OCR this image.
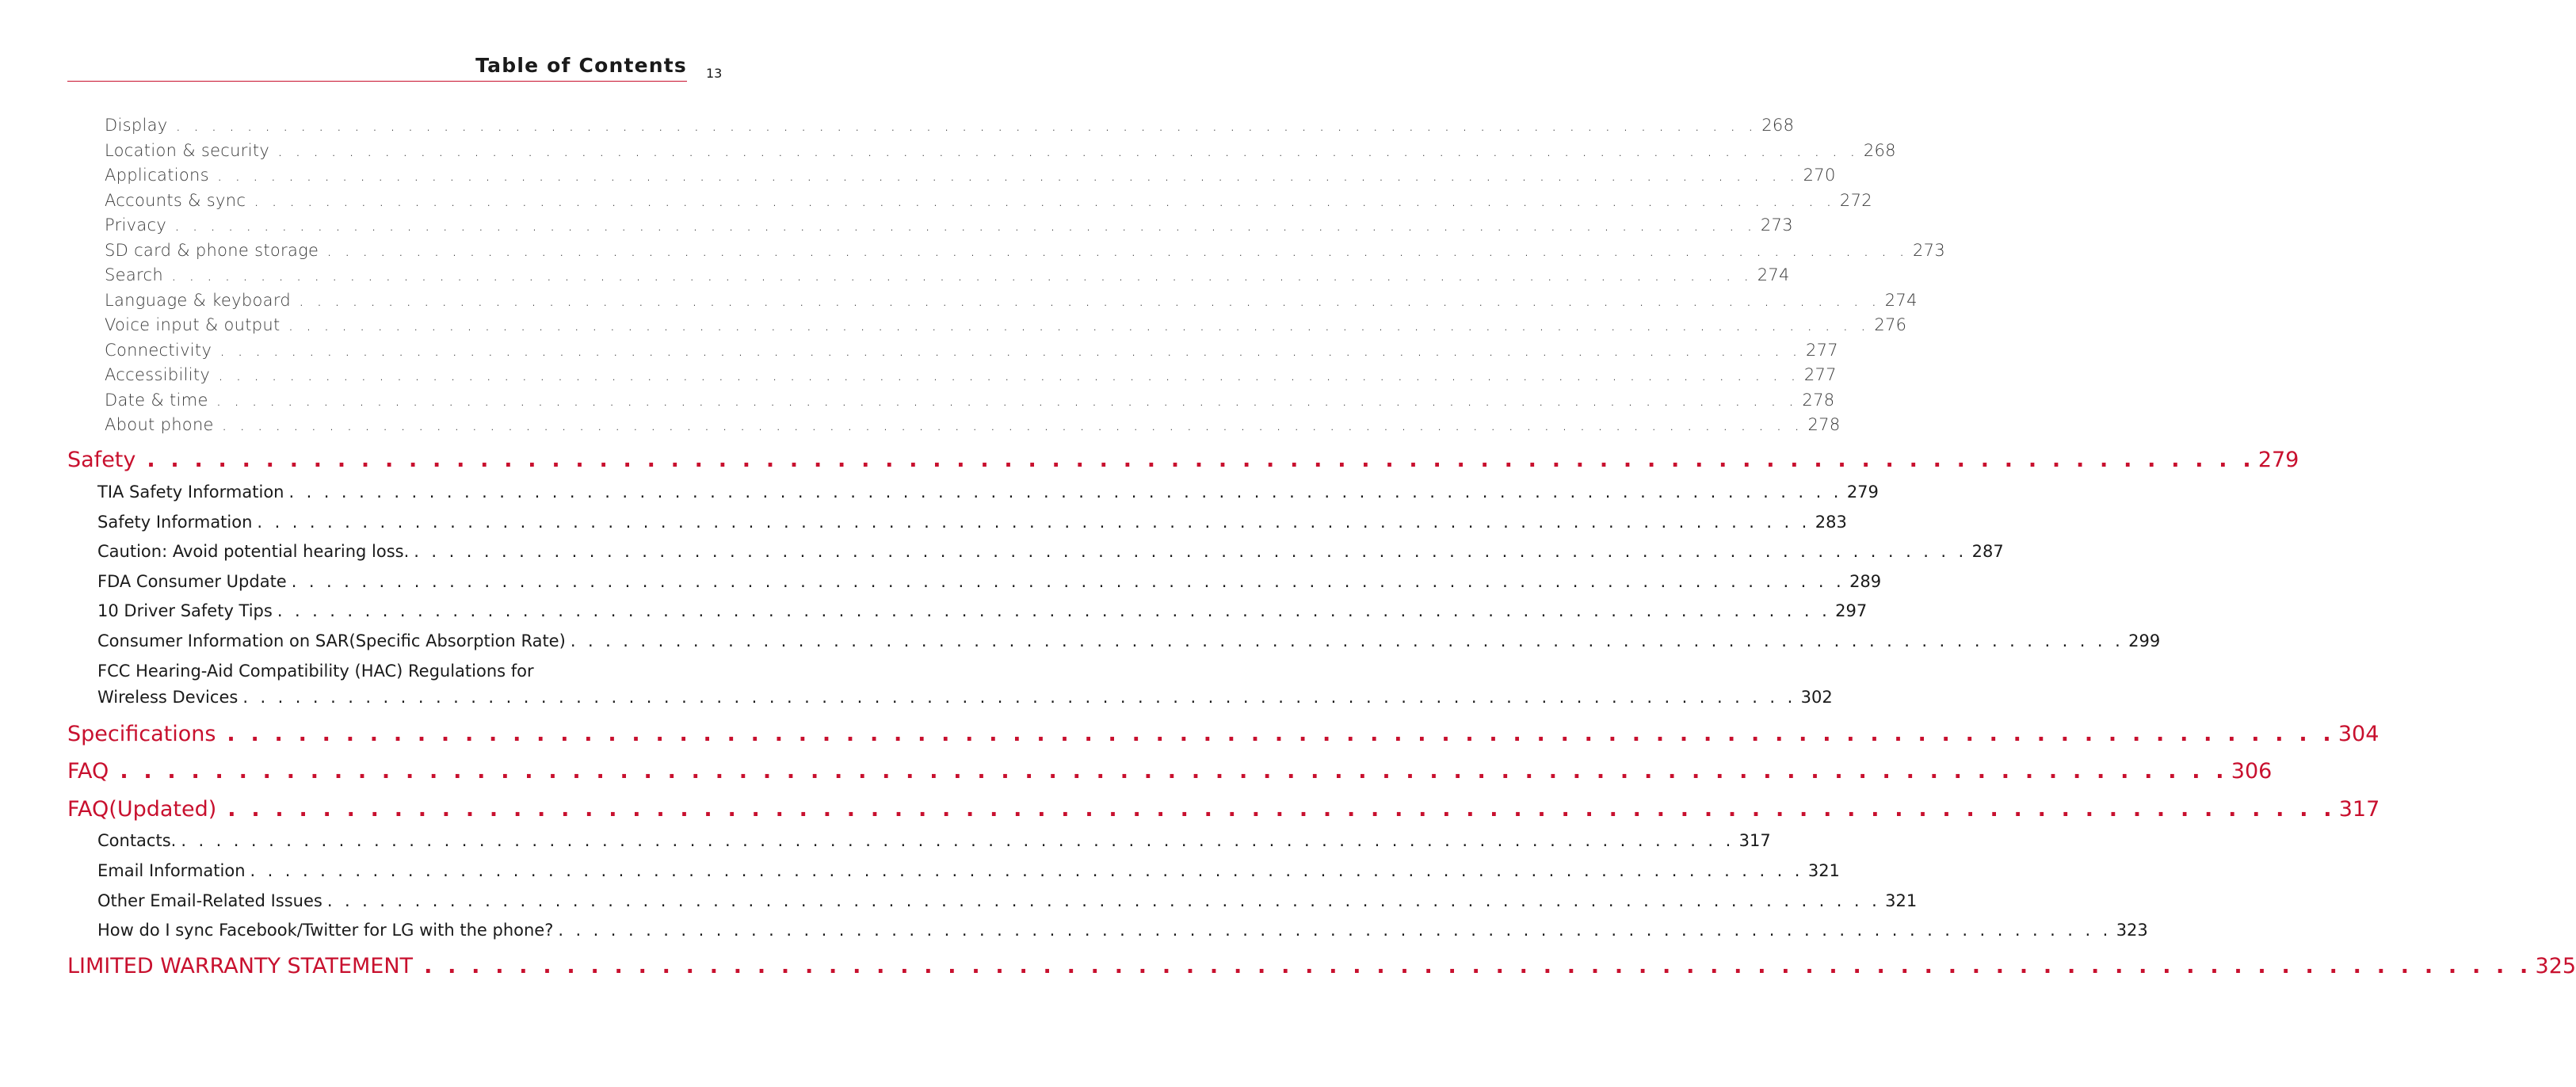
Table of Contents 13
Display . . . . . . . . . . . . . . . . . . . . . . . . . . . . . . . . . . . . . . . . . . . . . . . . . . . . . . . . . . . . . . . . . . . . . . . . . . . . . . . . . . . . . . . . . 268
Location & security . . . . . . . . . . . . . . . . . . . . . . . . . . . . . . . . . . . . . . . . . . . . . . . . . . . . . . . . . . . . . . . . . . . . . . . . . . . . . . . . . . . . . . . . . 268
Applications . . . . . . . . . . . . . . . . . . . . . . . . . . . . . . . . . . . . . . . . . . . . . . . . . . . . . . . . . . . . . . . . . . . . . . . . . . . . . . . . . . . . . . . . . 270
Accounts & sync . . . . . . . . . . . . . . . . . . . . . . . . . . . . . . . . . . . . . . . . . . . . . . . . . . . . . . . . . . . . . . . . . . . . . . . . . . . . . . . . . . . . . . . . . 272
Privacy . . . . . . . . . . . . . . . . . . . . . . . . . . . . . . . . . . . . . . . . . . . . . . . . . . . . . . . . . . . . . . . . . . . . . . . . . . . . . . . . . . . . . . . . . 273
SD card & phone storage . . . . . . . . . . . . . . . . . . . . . . . . . . . . . . . . . . . . . . . . . . . . . . . . . . . . . . . . . . . . . . . . . . . . . . . . . . . . . . . . . . . . . . . . . 273
Search . . . . . . . . . . . . . . . . . . . . . . . . . . . . . . . . . . . . . . . . . . . . . . . . . . . . . . . . . . . . . . . . . . . . . . . . . . . . . . . . . . . . . . . . . 274
Language & keyboard . . . . . . . . . . . . . . . . . . . . . . . . . . . . . . . . . . . . . . . . . . . . . . . . . . . . . . . . . . . . . . . . . . . . . . . . . . . . . . . . . . . . . . . . . 274
Voice input & output . . . . . . . . . . . . . . . . . . . . . . . . . . . . . . . . . . . . . . . . . . . . . . . . . . . . . . . . . . . . . . . . . . . . . . . . . . . . . . . . . . . . . . . . . 276
Connectivity . . . . . . . . . . . . . . . . . . . . . . . . . . . . . . . . . . . . . . . . . . . . . . . . . . . . . . . . . . . . . . . . . . . . . . . . . . . . . . . . . . . . . . . . . 277
Accessibility . . . . . . . . . . . . . . . . . . . . . . . . . . . . . . . . . . . . . . . . . . . . . . . . . . . . . . . . . . . . . . . . . . . . . . . . . . . . . . . . . . . . . . . . . 277
Date & time . . . . . . . . . . . . . . . . . . . . . . . . . . . . . . . . . . . . . . . . . . . . . . . . . . . . . . . . . . . . . . . . . . . . . . . . . . . . . . . . . . . . . . . . . 278
About phone . . . . . . . . . . . . . . . . . . . . . . . . . . . . . . . . . . . . . . . . . . . . . . . . . . . . . . . . . . . . . . . . . . . . . . . . . . . . . . . . . . . . . . . . . 278
Safety . . . . . . . . . . . . . . . . . . . . . . . . . . . . . . . . . . . . . . . . . . . . . . . . . . . . . . . . . . . . . . . . . . . . . . . . . . . . . . . . . . . . . . . . . 279
TIA Safety Information . . . . . . . . . . . . . . . . . . . . . . . . . . . . . . . . . . . . . . . . . . . . . . . . . . . . . . . . . . . . . . . . . . . . . . . . . . . . . . . . . . . . . . . . . 279
Safety Information . . . . . . . . . . . . . . . . . . . . . . . . . . . . . . . . . . . . . . . . . . . . . . . . . . . . . . . . . . . . . . . . . . . . . . . . . . . . . . . . . . . . . . . . . 283
Caution: Avoid potential hearing loss. . . . . . . . . . . . . . . . . . . . . . . . . . . . . . . . . . . . . . . . . . . . . . . . . . . . . . . . . . . . . . . . . . . . . . . . . . . . . . . . . . . . . . . . . . 287
FDA Consumer Update . . . . . . . . . . . . . . . . . . . . . . . . . . . . . . . . . . . . . . . . . . . . . . . . . . . . . . . . . . . . . . . . . . . . . . . . . . . . . . . . . . . . . . . . . 289
10 Driver Safety Tips . . . . . . . . . . . . . . . . . . . . . . . . . . . . . . . . . . . . . . . . . . . . . . . . . . . . . . . . . . . . . . . . . . . . . . . . . . . . . . . . . . . . . . . . . 297
Consumer Information on SAR(Specific Absorption Rate) . . . . . . . . . . . . . . . . . . . . . . . . . . . . . . . . . . . . . . . . . . . . . . . . . . . . . . . . . . . . . . . . . . . . . . . . . . . . . . . . . . . . . . . . . 299
FCC Hearing-Aid Compatibility (HAC) Regulations for
Wireless Devices . . . . . . . . . . . . . . . . . . . . . . . . . . . . . . . . . . . . . . . . . . . . . . . . . . . . . . . . . . . . . . . . . . . . . . . . . . . . . . . . . . . . . . . . . 302
Specifications . . . . . . . . . . . . . . . . . . . . . . . . . . . . . . . . . . . . . . . . . . . . . . . . . . . . . . . . . . . . . . . . . . . . . . . . . . . . . . . . . . . . . . . . . 304
FAQ . . . . . . . . . . . . . . . . . . . . . . . . . . . . . . . . . . . . . . . . . . . . . . . . . . . . . . . . . . . . . . . . . . . . . . . . . . . . . . . . . . . . . . . . . 306
FAQ(Updated) . . . . . . . . . . . . . . . . . . . . . . . . . . . . . . . . . . . . . . . . . . . . . . . . . . . . . . . . . . . . . . . . . . . . . . . . . . . . . . . . . . . . . . . . . 317
Contacts. . . . . . . . . . . . . . . . . . . . . . . . . . . . . . . . . . . . . . . . . . . . . . . . . . . . . . . . . . . . . . . . . . . . . . . . . . . . . . . . . . . . . . . . . . 317
Email Information . . . . . . . . . . . . . . . . . . . . . . . . . . . . . . . . . . . . . . . . . . . . . . . . . . . . . . . . . . . . . . . . . . . . . . . . . . . . . . . . . . . . . . . . . 321
Other Email-Related Issues . . . . . . . . . . . . . . . . . . . . . . . . . . . . . . . . . . . . . . . . . . . . . . . . . . . . . . . . . . . . . . . . . . . . . . . . . . . . . . . . . . . . . . . . . 321
How do I sync Facebook/Twitter for LG with the phone? . . . . . . . . . . . . . . . . . . . . . . . . . . . . . . . . . . . . . . . . . . . . . . . . . . . . . . . . . . . . . . . . . . . . . . . . . . . . . . . . . . . . . . . . . 323
LIMITED WARRANTY STATEMENT . . . . . . . . . . . . . . . . . . . . . . . . . . . . . . . . . . . . . . . . . . . . . . . . . . . . . . . . . . . . . . . . . . . . . . . . . . . . . . . . . . . . . . . . . 325
